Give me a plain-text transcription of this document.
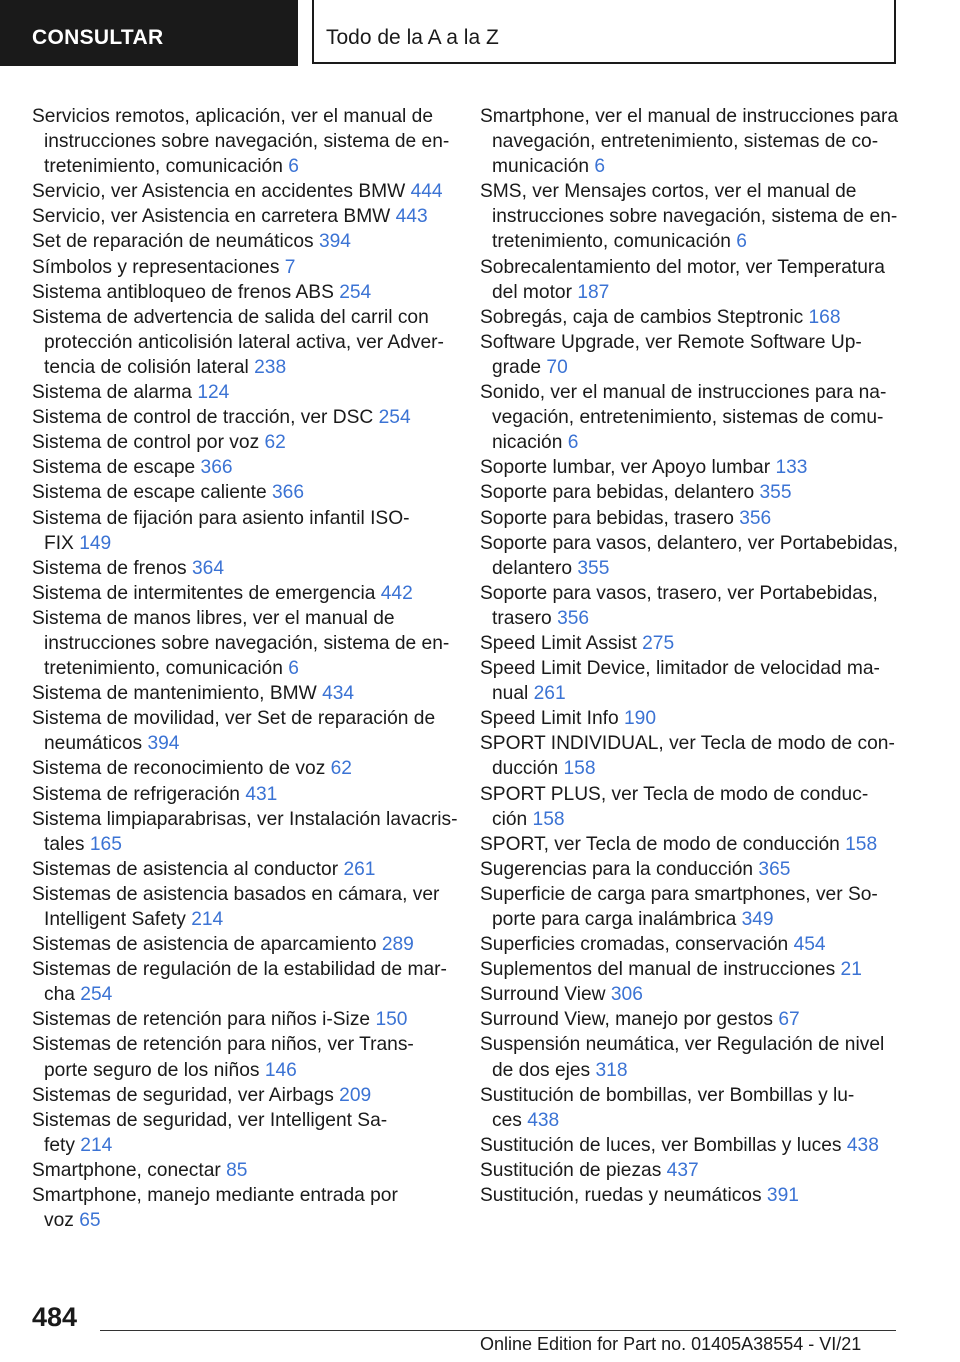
CONSULTAR	Todo de la A a la Z
Servicios remotos, aplicación, ver el manual de
instrucciones sobre navegación, sistema de en-
tretenimiento, comunicación 6
Servicio, ver Asistencia en accidentes BMW 444
Servicio, ver Asistencia en carretera BMW 443
Set de reparación de neumáticos 394
Símbolos y representaciones 7
Sistema antibloqueo de frenos ABS 254
Sistema de advertencia de salida del carril con
protección anticolisión lateral activa, ver Adver-
tencia de colisión lateral 238
Sistema de alarma 124
Sistema de control de tracción, ver DSC 254
Sistema de control por voz 62
Sistema de escape 366
Sistema de escape caliente 366
Sistema de fijación para asiento infantil ISO-
FIX 149
Sistema de frenos 364
Sistema de intermitentes de emergencia 442
Sistema de manos libres, ver el manual de
instrucciones sobre navegación, sistema de en-
tretenimiento, comunicación 6
Sistema de mantenimiento, BMW 434
Sistema de movilidad, ver Set de reparación de
neumáticos 394
Sistema de reconocimiento de voz 62
Sistema de refrigeración 431
Sistema limpiaparabrisas, ver Instalación lavacris-
tales 165
Sistemas de asistencia al conductor 261
Sistemas de asistencia basados en cámara, ver
Intelligent Safety 214
Sistemas de asistencia de aparcamiento 289
Sistemas de regulación de la estabilidad de mar-
cha 254
Sistemas de retención para niños i-Size 150
Sistemas de retención para niños, ver Trans-
porte seguro de los niños 146
Sistemas de seguridad, ver Airbags 209
Sistemas de seguridad, ver Intelligent Sa-
fety 214
Smartphone, conectar 85
Smartphone, manejo mediante entrada por
voz 65
Smartphone, ver el manual de instrucciones para
navegación, entretenimiento, sistemas de co-
municación 6
SMS, ver Mensajes cortos, ver el manual de
instrucciones sobre navegación, sistema de en-
tretenimiento, comunicación 6
Sobrecalentamiento del motor, ver Temperatura
del motor 187
Sobregás, caja de cambios Steptronic 168
Software Upgrade, ver Remote Software Up-
grade 70
Sonido, ver el manual de instrucciones para na-
vegación, entretenimiento, sistemas de comu-
nicación 6
Soporte lumbar, ver Apoyo lumbar 133
Soporte para bebidas, delantero 355
Soporte para bebidas, trasero 356
Soporte para vasos, delantero, ver Portabebidas,
delantero 355
Soporte para vasos, trasero, ver Portabebidas,
trasero 356
Speed Limit Assist 275
Speed Limit Device, limitador de velocidad ma-
nual 261
Speed Limit Info 190
SPORT INDIVIDUAL, ver Tecla de modo de con-
ducción 158
SPORT PLUS, ver Tecla de modo de conduc-
ción 158
SPORT, ver Tecla de modo de conducción 158
Sugerencias para la conducción 365
Superficie de carga para smartphones, ver So-
porte para carga inalámbrica 349
Superficies cromadas, conservación 454
Suplementos del manual de instrucciones 21
Surround View 306
Surround View, manejo por gestos 67
Suspensión neumática, ver Regulación de nivel
de dos ejes 318
Sustitución de bombillas, ver Bombillas y lu-
ces 438
Sustitución de luces, ver Bombillas y luces 438
Sustitución de piezas 437
Sustitución, ruedas y neumáticos 391
484
Online Edition for Part no. 01405A38554 - VI/21
